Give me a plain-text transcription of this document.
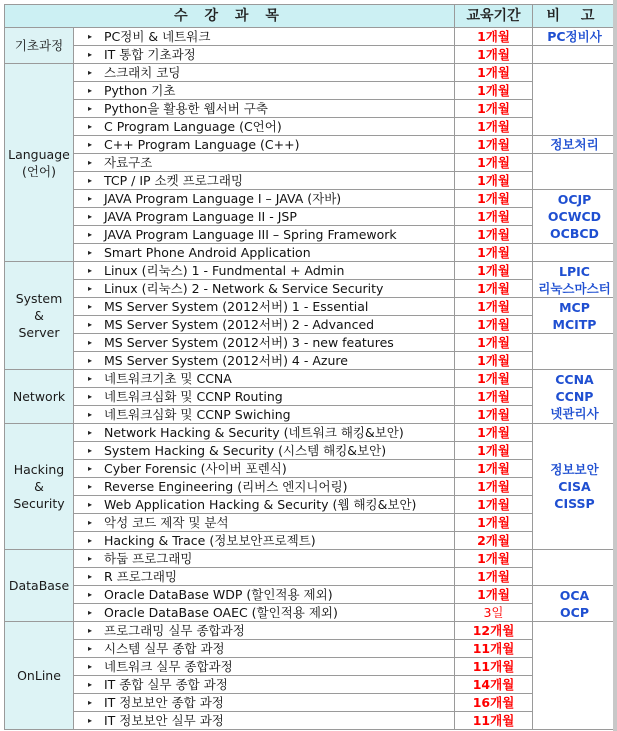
수 강 과 목		교육기간	비 고
기초과정	▸ PC정비 & 네트워크	1개월	PC정비사
	▸ IT 통합 기초과정	1개월	
Language
(언어)	▸ 스크래치 코딩	1개월	
	▸ Python 기초	1개월	
	▸ Python을 활용한 웹서버 구축	1개월	
	▸ C Program Language (C언어)	1개월	
	▸ C++ Program Language (C++)	1개월	정보처리
	▸ 자료구조	1개월	
	▸ TCP / IP 소켓 프로그래밍	1개월	
	▸ JAVA Program Language I – JAVA (자바)	1개월	OCJP
OCWCD
OCBCD
	▸ JAVA Program Language II - JSP	1개월	
	▸ JAVA Program Language III – Spring Framework	1개월	
	▸ Smart Phone Android Application	1개월	
System
&
Server	▸ Linux (리눅스) 1 - Fundmental + Admin	1개월	LPIC
리눅스마스터
	▸ Linux (리눅스) 2 - Network & Service Security	1개월	
	▸ MS Server System (2012서버) 1 - Essential	1개월	MCP
MCITP
	▸ MS Server System (2012서버) 2 - Advanced	1개월	
	▸ MS Server System (2012서버) 3 - new features	1개월	
	▸ MS Server System (2012서버) 4 - Azure	1개월	
Network	▸ 네트워크기초 및 CCNA	1개월	CCNA
CCNP
넷관리사
	▸ 네트워크심화 및 CCNP Routing	1개월	
	▸ 네트워크심화 및 CCNP Swiching	1개월	
Hacking
&
Security	▸ Network Hacking & Security (네트워크 해킹&보안)	1개월	정보보안
CISA
CISSP
	▸ System Hacking & Security (시스템 해킹&보안)	1개월	
	▸ Cyber Forensic (사이버 포렌식)	1개월	
	▸ Reverse Engineering (리버스 엔지니어링)	1개월	
	▸ Web Application Hacking & Security (웹 해킹&보안)	1개월	
	▸ 악성 코드 제작 및 분석	1개월	
	▸ Hacking & Trace (정보보안프로젝트)	2개월	
DataBase	▸ 하둡 프로그래밍	1개월	
	▸ R 프로그래밍	1개월	
	▸ Oracle DataBase WDP (할인적용 제외)	1개월	OCA
OCP
	▸ Oracle DataBase OAEC (할인적용 제외)	3일	
OnLine	▸ 프로그래밍 실무 종합과정	12개월	
	▸ 시스템 실무 종합 과정	11개월	
	▸ 네트워크 실무 종합과정	11개월	
	▸ IT 종합 실무 종합 과정	14개월	
	▸ IT 정보보안 종합 과정	16개월	
	▸ IT 정보보안 실무 과정	11개월	
